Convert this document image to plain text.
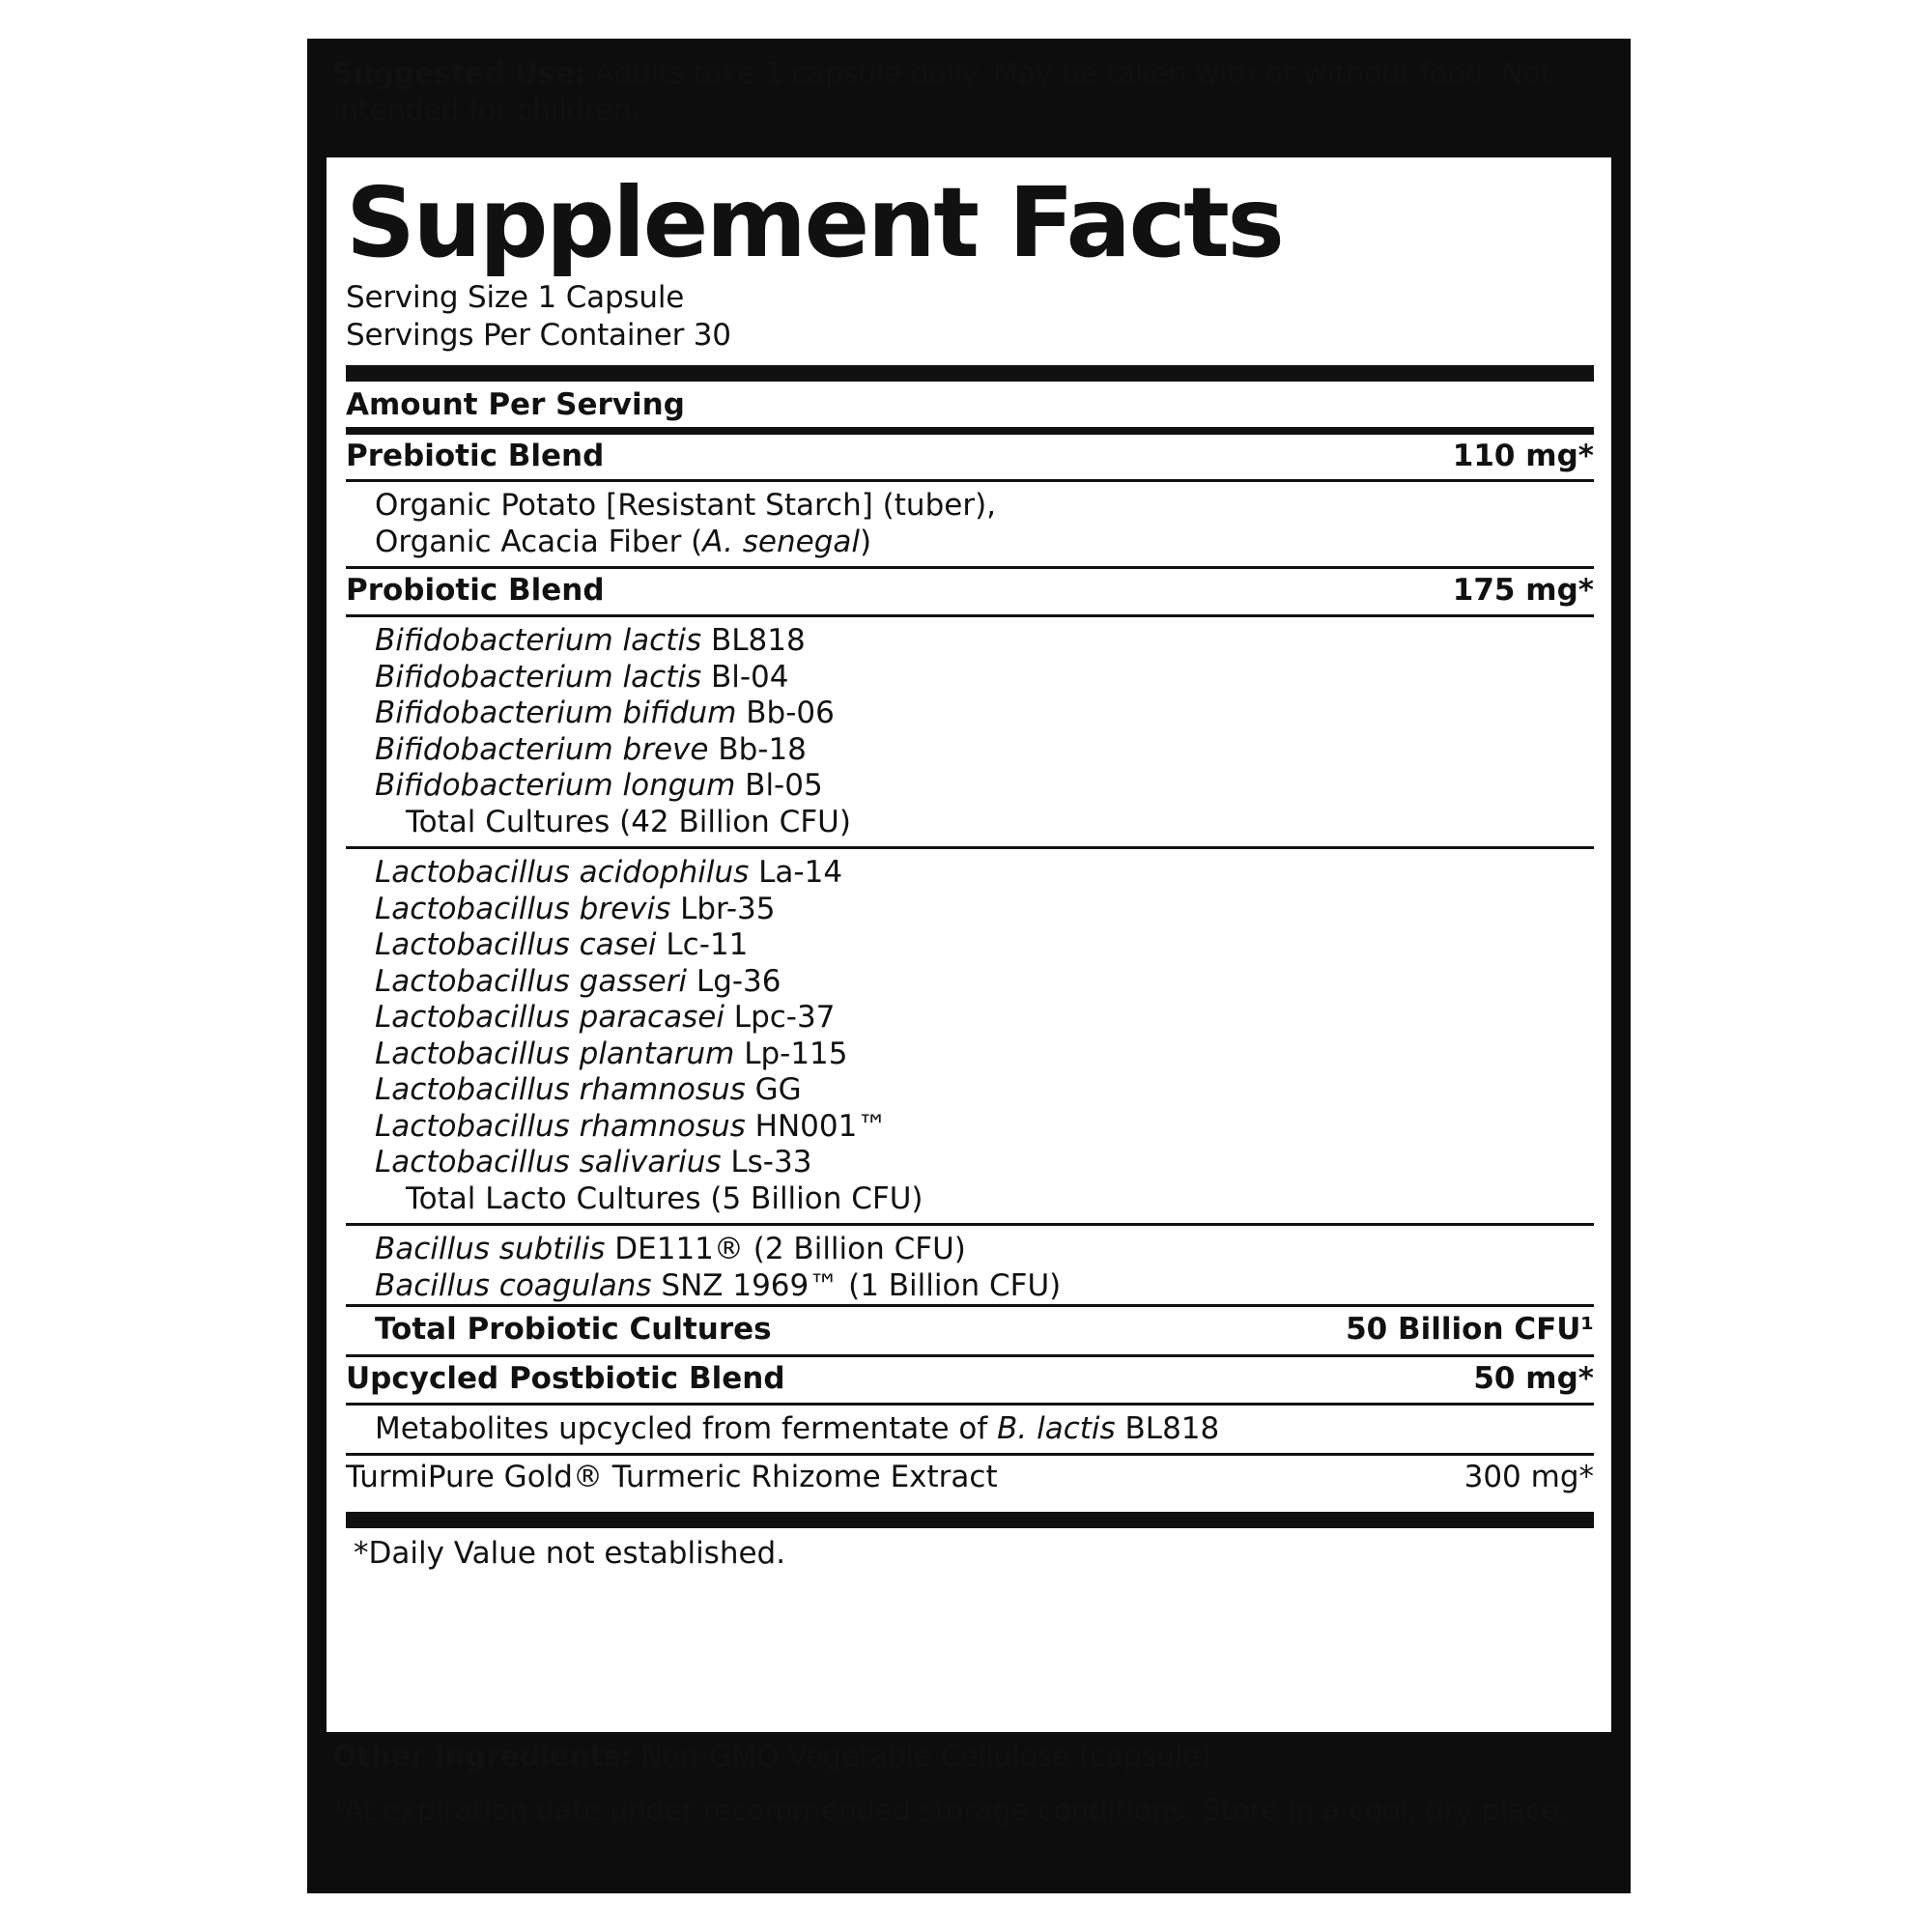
Suggested Use: Adults take 1 capsule daily. May be taken with or without food. Not intended for children.
Supplement Facts
Serving Size 1 Capsule
Servings Per Container 30
Amount Per Serving
Prebiotic Blend	110 mg*
Organic Potato [Resistant Starch] (tuber),
Organic Acacia Fiber (A. senegal)
Probiotic Blend	175 mg*
Bifidobacterium lactis BL818
Bifidobacterium lactis Bl-04
Bifidobacterium bifidum Bb-06
Bifidobacterium breve Bb-18
Bifidobacterium longum Bl-05
Total Cultures (42 Billion CFU)
Lactobacillus acidophilus La-14
Lactobacillus brevis Lbr-35
Lactobacillus casei Lc-11
Lactobacillus gasseri Lg-36
Lactobacillus paracasei Lpc-37
Lactobacillus plantarum Lp-115
Lactobacillus rhamnosus GG
Lactobacillus rhamnosus HN001™
Lactobacillus salivarius Ls-33
Total Lacto Cultures (5 Billion CFU)
Bacillus subtilis DE111® (2 Billion CFU)
Bacillus coagulans SNZ 1969™ (1 Billion CFU)
Total Probiotic Cultures	50 Billion CFU¹
Upcycled Postbiotic Blend	50 mg*
Metabolites upcycled from fermentate of B. lactis BL818
TurmiPure Gold® Turmeric Rhizome Extract	300 mg*
*Daily Value not established.
Other Ingredients: Non-GMO Vegetable Cellulose (capsule).
¹At expiration date under recommended storage conditions. Store in a cool, dry place.
